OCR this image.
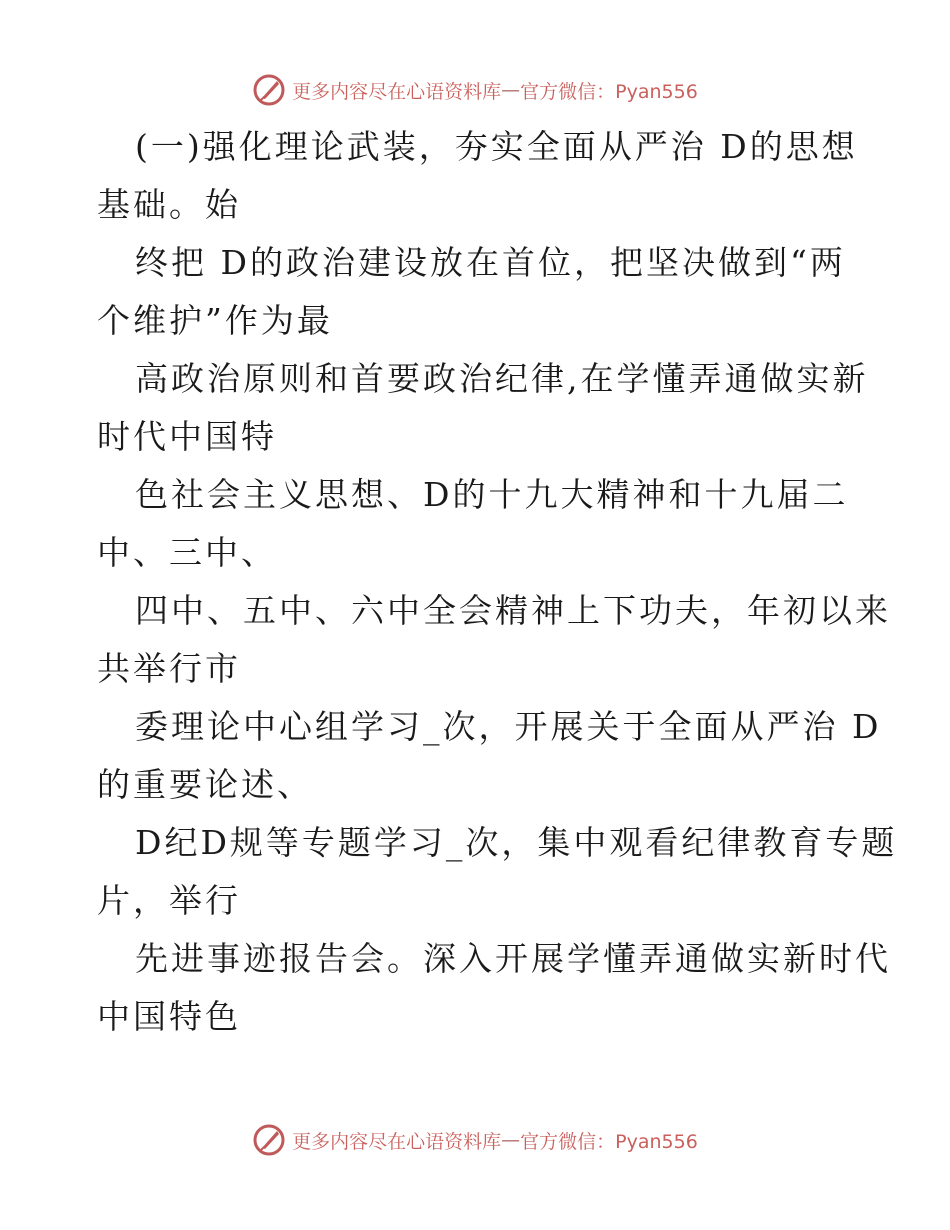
更多内容尽在心语资料库 — 官方微信：Pyan556
(一)强化理论武装，夯实全面从严治 D的思想
基础。始
终把 D的政治建设放在首位，把坚决做到“两
个维护”作为最
高政治原则和首要政治纪律,在学懂弄通做实新
时代中国特
色社会主义思想、D的十九大精神和十九届二
中、三中、
四中、五中、六中全会精神上下功夫，年初以来
共举行市
委理论中心组学习_次，开展关于全面从严治 D
的重要论述、
D纪D规等专题学习_次，集中观看纪律教育专题
片，举行
先进事迹报告会。深入开展学懂弄通做实新时代
中国特色
更多内容尽在心语资料库 — 官方微信：Pyan556
